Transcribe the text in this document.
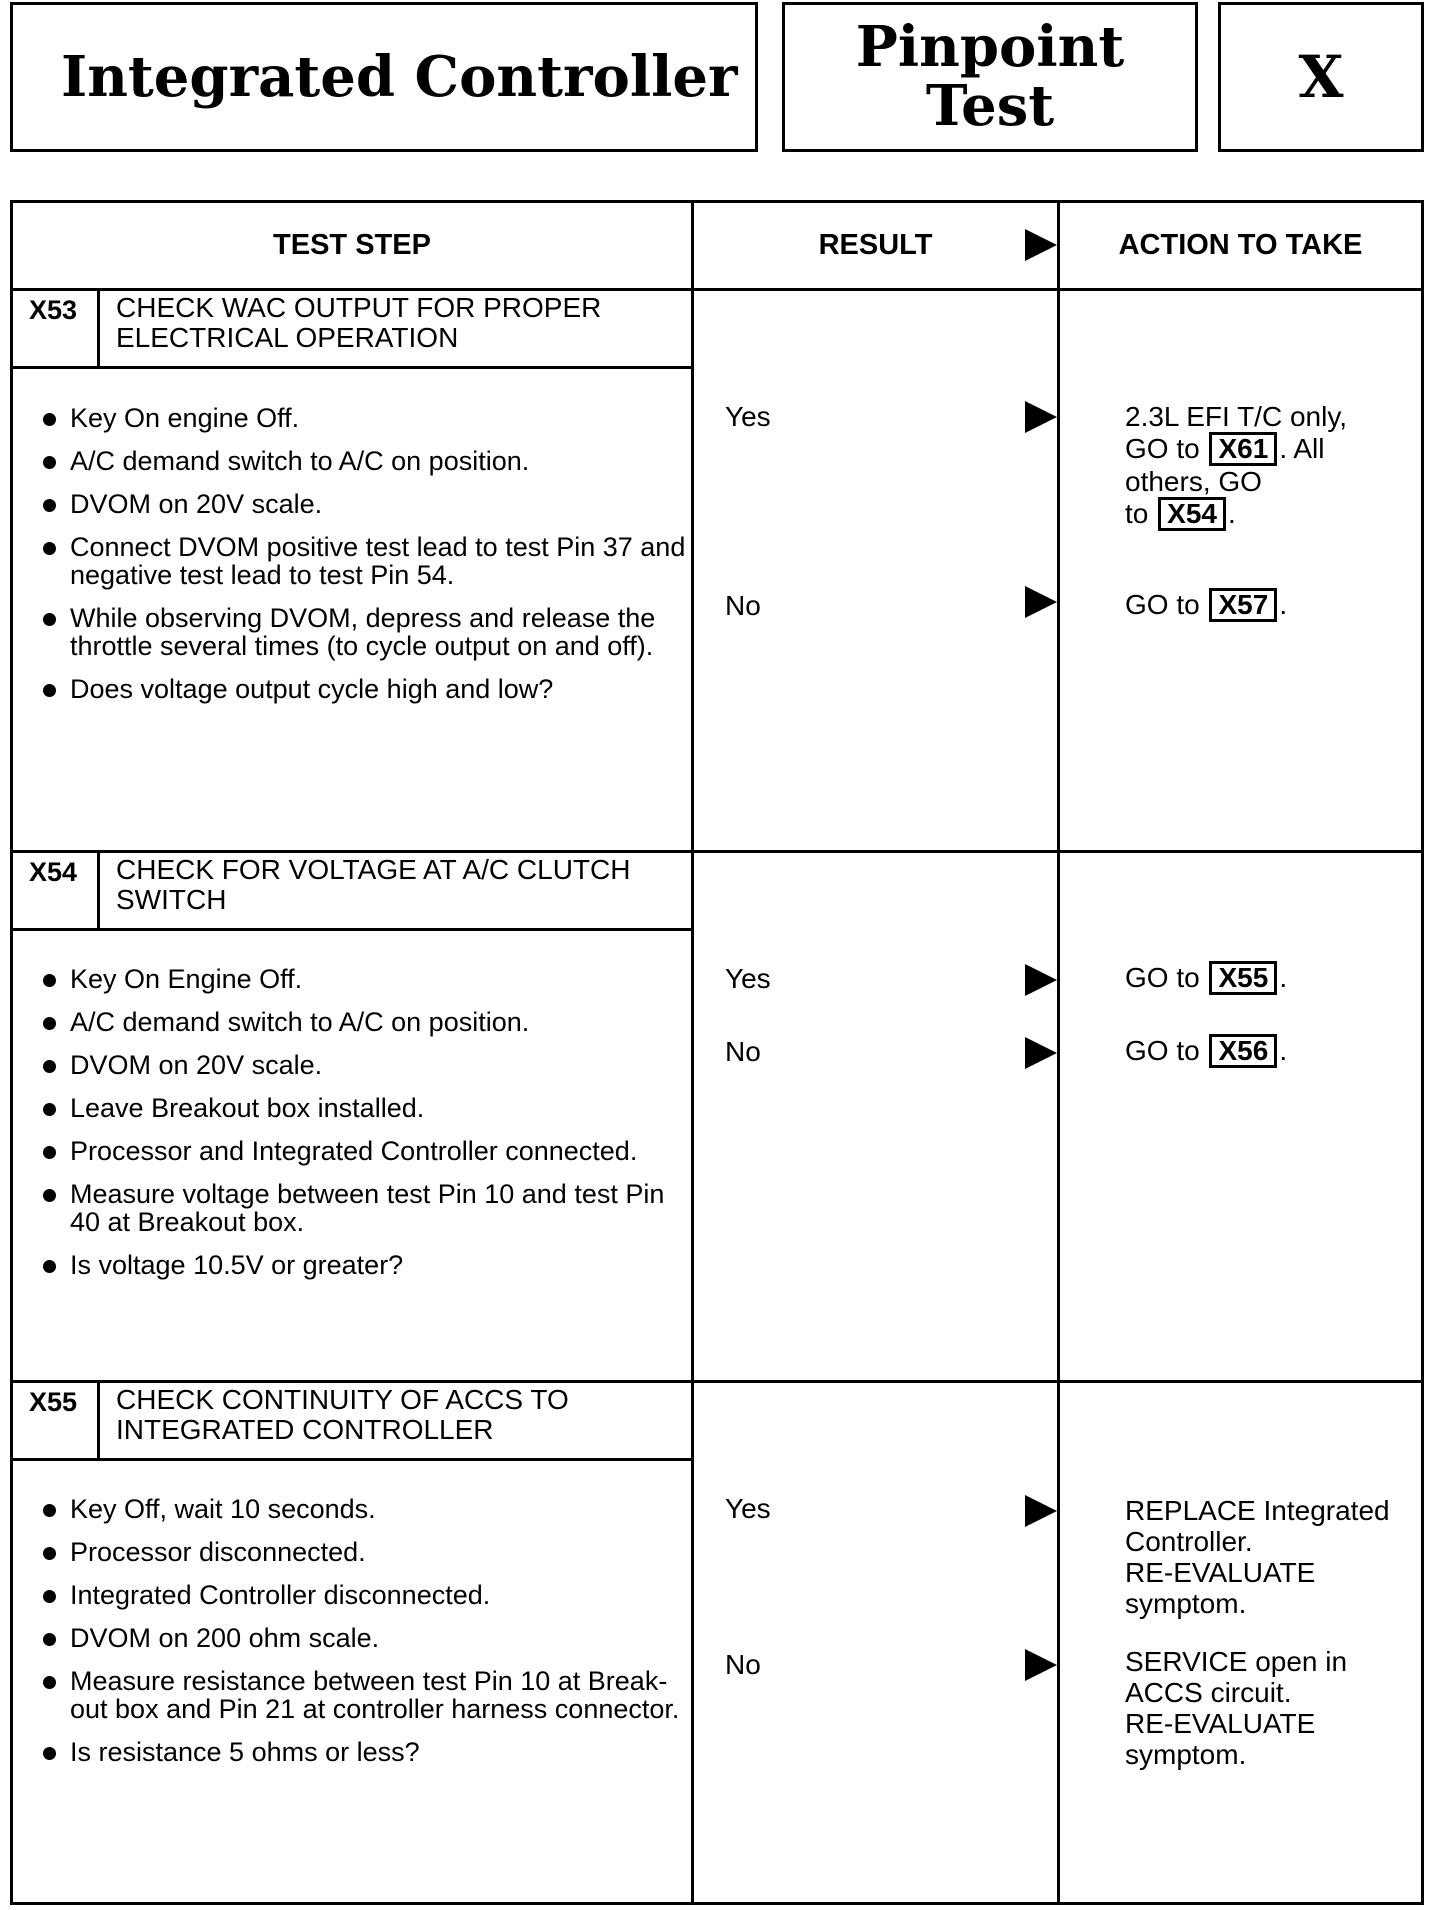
Integrated Controller Pinpoint
Test	X
TEST STEP	RESULT	ACTION TO TAKE
X53 CHECK WAC OUTPUT FOR PROPER
ELECTRICAL OPERATION
Key On engine Off.
A/C demand switch to A/C on position.
DVOM on 20V scale.
Connect DVOM positive test lead to test Pin 37 and negative test lead to test Pin 54.
While observing DVOM, depress and release the throttle several times (to cycle output on and off).
Does voltage output cycle high and low?
Yes	2.3L EFI T/C only,
GO to X61 . All
others, GO
to X54 .
No	GO to X57 .
X54 CHECK FOR VOLTAGE AT A/C CLUTCH
SWITCH
Key On Engine Off.
A/C demand switch to A/C on position.
DVOM on 20V scale.
Leave Breakout box installed.
Processor and Integrated Controller connected.
Measure voltage between test Pin 10 and test Pin 40 at Breakout box.
Is voltage 10.5V or greater?
Yes	GO to X55 .
No	GO to X56 .
X55 CHECK CONTINUITY OF ACCS TO
INTEGRATED CONTROLLER
Key Off, wait 10 seconds.
Processor disconnected.
Integrated Controller disconnected.
DVOM on 200 ohm scale.
Measure resistance between test Pin 10 at Break-out box and Pin 21 at controller harness connector.
Is resistance 5 ohms or less?
Yes	REPLACE Integrated
Controller.
RE-EVALUATE
symptom.
No	SERVICE open in
ACCS circuit.
RE-EVALUATE
symptom.
